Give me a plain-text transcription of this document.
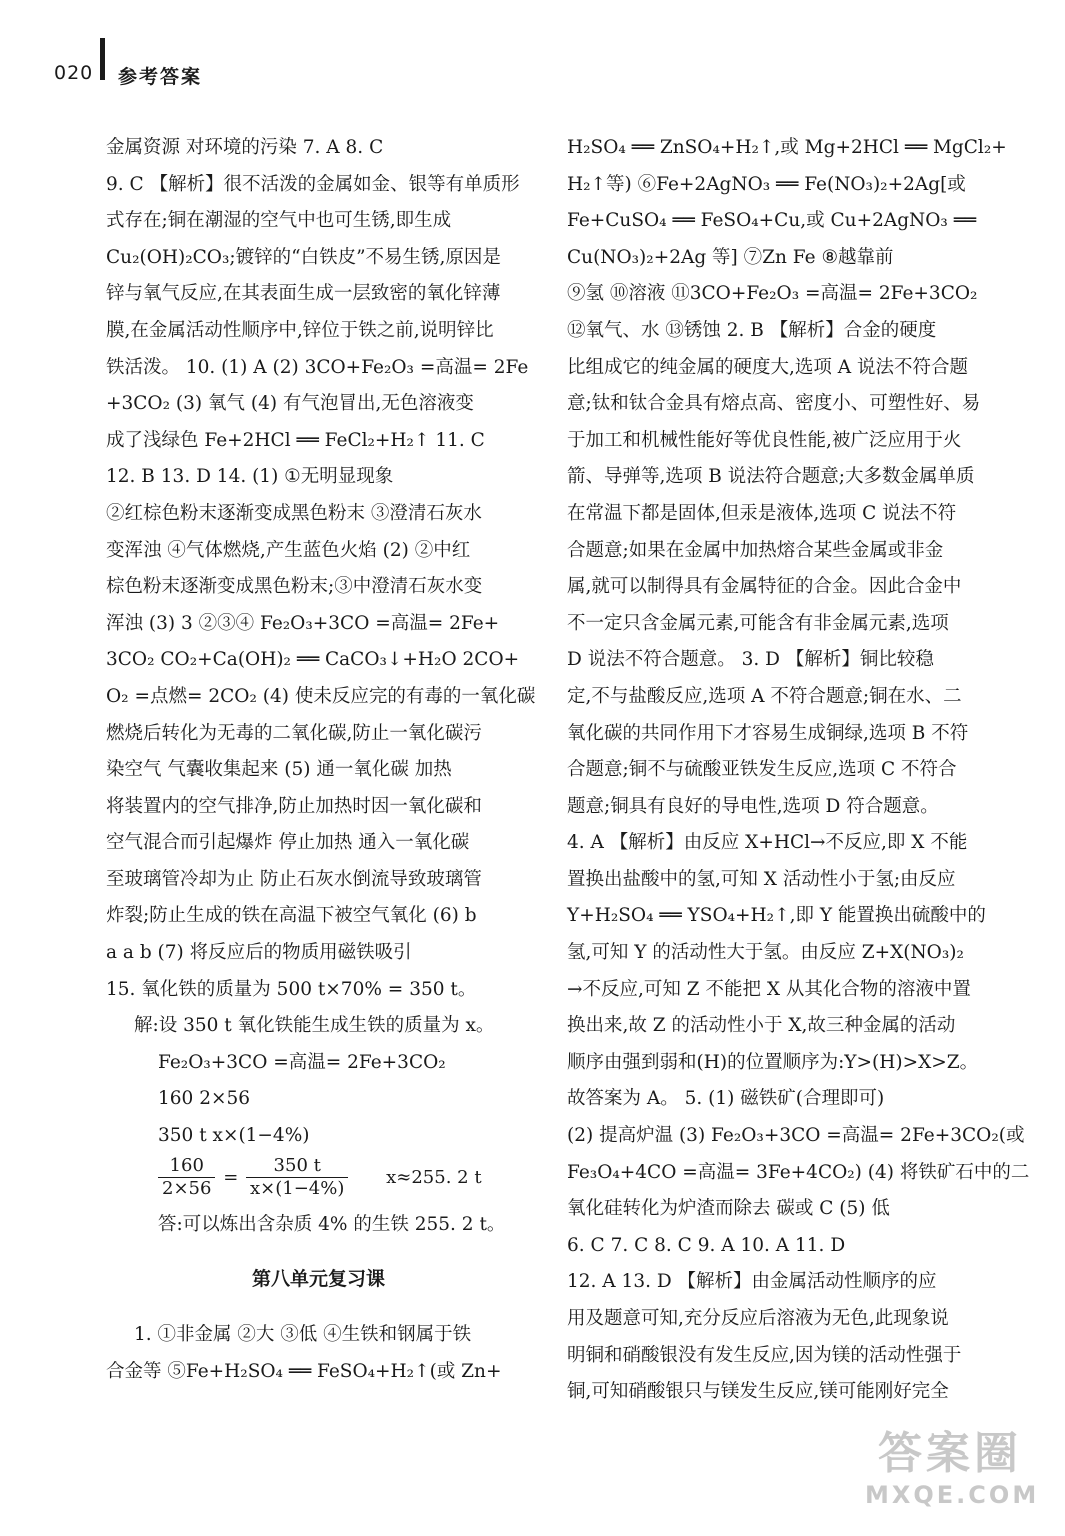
020 参考答案
金属资源 对环境的污染 7. A 8. C
9. C 【解析】很不活泼的金属如金、银等有单质形
式存在;铜在潮湿的空气中也可生锈,即生成
Cu₂(OH)₂CO₃;镀锌的“白铁皮”不易生锈,原因是
锌与氧气反应,在其表面生成一层致密的氧化锌薄
膜,在金属活动性顺序中,锌位于铁之前,说明锌比
铁活泼。 10. (1) A (2) 3CO+Fe₂O₃ =高温= 2Fe
+3CO₂ (3) 氧气 (4) 有气泡冒出,无色溶液变
成了浅绿色 Fe+2HCl ══ FeCl₂+H₂↑ 11. C
12. B 13. D 14. (1) ①无明显现象
②红棕色粉末逐渐变成黑色粉末 ③澄清石灰水
变浑浊 ④气体燃烧,产生蓝色火焰 (2) ②中红
棕色粉末逐渐变成黑色粉末;③中澄清石灰水变
浑浊 (3) 3 ②③④ Fe₂O₃+3CO =高温= 2Fe+
3CO₂ CO₂+Ca(OH)₂ ══ CaCO₃↓+H₂O 2CO+
O₂ =点燃= 2CO₂ (4) 使未反应完的有毒的一氧化碳
燃烧后转化为无毒的二氧化碳,防止一氧化碳污
染空气 气囊收集起来 (5) 通一氧化碳 加热
将装置内的空气排净,防止加热时因一氧化碳和
空气混合而引起爆炸 停止加热 通入一氧化碳
至玻璃管冷却为止 防止石灰水倒流导致玻璃管
炸裂;防止生成的铁在高温下被空气氧化 (6) b
a a b (7) 将反应后的物质用磁铁吸引
15. 氧化铁的质量为 500 t×70% = 350 t。
解:设 350 t 氧化铁能生成生铁的质量为 x。
Fe₂O₃+3CO =高温= 2Fe+3CO₂
160 2×56
350 t x×(1−4%)
$\frac{160}{2\times 56} = \frac{350 t}{x\times(1-4\%)} x\approx 255$. 2 t
答:可以炼出含杂质 4% 的生铁 255. 2 t。
第八单元复习课
1. ①非金属 ②大 ③低 ④生铁和钢属于铁
合金等 ⑤Fe+H₂SO₄ ══ FeSO₄+H₂↑(或 Zn+
H₂SO₄ ══ ZnSO₄+H₂↑,或 Mg+2HCl ══ MgCl₂+
H₂↑等) ⑥Fe+2AgNO₃ ══ Fe(NO₃)₂+2Ag[或
Fe+CuSO₄ ══ FeSO₄+Cu,或 Cu+2AgNO₃ ══
Cu(NO₃)₂+2Ag 等] ⑦Zn Fe ⑧越靠前
⑨氢 ⑩溶液 ⑪3CO+Fe₂O₃ =高温= 2Fe+3CO₂
⑫氧气、水 ⑬锈蚀 2. B 【解析】合金的硬度
比组成它的纯金属的硬度大,选项 A 说法不符合题
意;钛和钛合金具有熔点高、密度小、可塑性好、易
于加工和机械性能好等优良性能,被广泛应用于火
箭、导弹等,选项 B 说法符合题意;大多数金属单质
在常温下都是固体,但汞是液体,选项 C 说法不符
合题意;如果在金属中加热熔合某些金属或非金
属,就可以制得具有金属特征的合金。因此合金中
不一定只含金属元素,可能含有非金属元素,选项
D 说法不符合题意。 3. D 【解析】铜比较稳
定,不与盐酸反应,选项 A 不符合题意;铜在水、二
氧化碳的共同作用下才容易生成铜绿,选项 B 不符
合题意;铜不与硫酸亚铁发生反应,选项 C 不符合
题意;铜具有良好的导电性,选项 D 符合题意。
4. A 【解析】由反应 X+HCl→不反应,即 X 不能
置换出盐酸中的氢,可知 X 活动性小于氢;由反应
Y+H₂SO₄ ══ YSO₄+H₂↑,即 Y 能置换出硫酸中的
氢,可知 Y 的活动性大于氢。由反应 Z+X(NO₃)₂
→不反应,可知 Z 不能把 X 从其化合物的溶液中置
换出来,故 Z 的活动性小于 X,故三种金属的活动
顺序由强到弱和(H)的位置顺序为:Y>(H)>X>Z。
故答案为 A。 5. (1) 磁铁矿(合理即可)
(2) 提高炉温 (3) Fe₂O₃+3CO =高温= 2Fe+3CO₂(或
Fe₃O₄+4CO =高温= 3Fe+4CO₂) (4) 将铁矿石中的二
氧化硅转化为炉渣而除去 碳或 C (5) 低
6. C 7. C 8. C 9. A 10. A 11. D
12. A 13. D 【解析】由金属活动性顺序的应
用及题意可知,充分反应后溶液为无色,此现象说
明铜和硝酸银没有发生反应,因为镁的活动性强于
铜,可知硝酸银只与镁发生反应,镁可能刚好完全
答案圈
MXQE.COM
